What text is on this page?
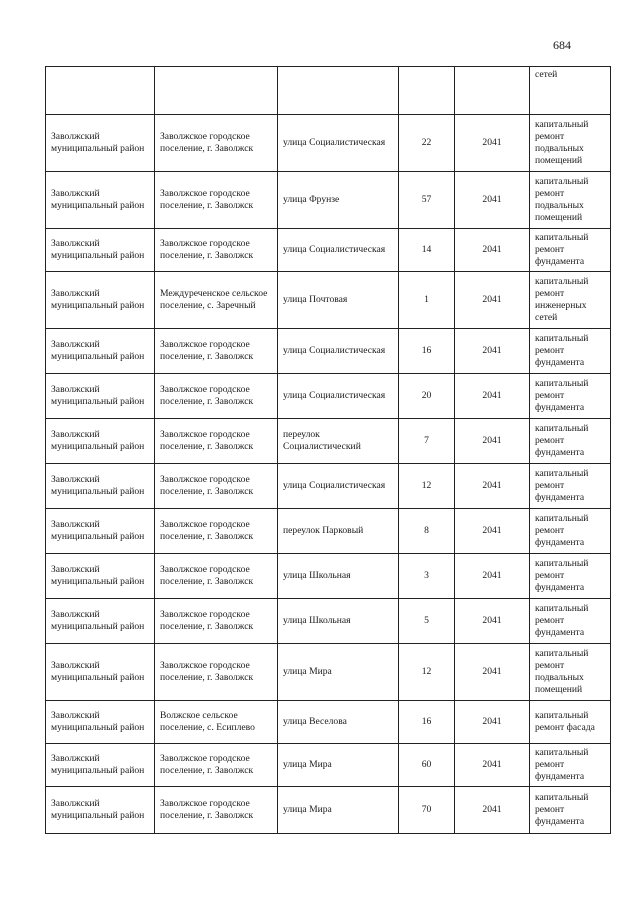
684
					сетей
Заволжский муниципальный район	Заволжское городское поселение, г. Заволжск	улица Социалистическая	22	2041	капитальный ремонт подвальных помещений
Заволжский муниципальный район	Заволжское городское поселение, г. Заволжск	улица Фрунзе	57	2041	капитальный ремонт подвальных помещений
Заволжский муниципальный район	Заволжское городское поселение, г. Заволжск	улица Социалистическая	14	2041	капитальный ремонт фундамента
Заволжский муниципальный район	Междуреченское сельское поселение, с. Заречный	улица Почтовая	1	2041	капитальный ремонт инженерных сетей
Заволжский муниципальный район	Заволжское городское поселение, г. Заволжск	улица Социалистическая	16	2041	капитальный ремонт фундамента
Заволжский муниципальный район	Заволжское городское поселение, г. Заволжск	улица Социалистическая	20	2041	капитальный ремонт фундамента
Заволжский муниципальный район	Заволжское городское поселение, г. Заволжск	переулок Социалистический	7	2041	капитальный ремонт фундамента
Заволжский муниципальный район	Заволжское городское поселение, г. Заволжск	улица Социалистическая	12	2041	капитальный ремонт фундамента
Заволжский муниципальный район	Заволжское городское поселение, г. Заволжск	переулок Парковый	8	2041	капитальный ремонт фундамента
Заволжский муниципальный район	Заволжское городское поселение, г. Заволжск	улица Школьная	3	2041	капитальный ремонт фундамента
Заволжский муниципальный район	Заволжское городское поселение, г. Заволжск	улица Школьная	5	2041	капитальный ремонт фундамента
Заволжский муниципальный район	Заволжское городское поселение, г. Заволжск	улица Мира	12	2041	капитальный ремонт подвальных помещений
Заволжский муниципальный район	Волжское сельское поселение, с. Есиплево	улица Веселова	16	2041	капитальный ремонт фасада
Заволжский муниципальный район	Заволжское городское поселение, г. Заволжск	улица Мира	60	2041	капитальный ремонт фундамента
Заволжский муниципальный район	Заволжское городское поселение, г. Заволжск	улица Мира	70	2041	капитальный ремонт фундамента
